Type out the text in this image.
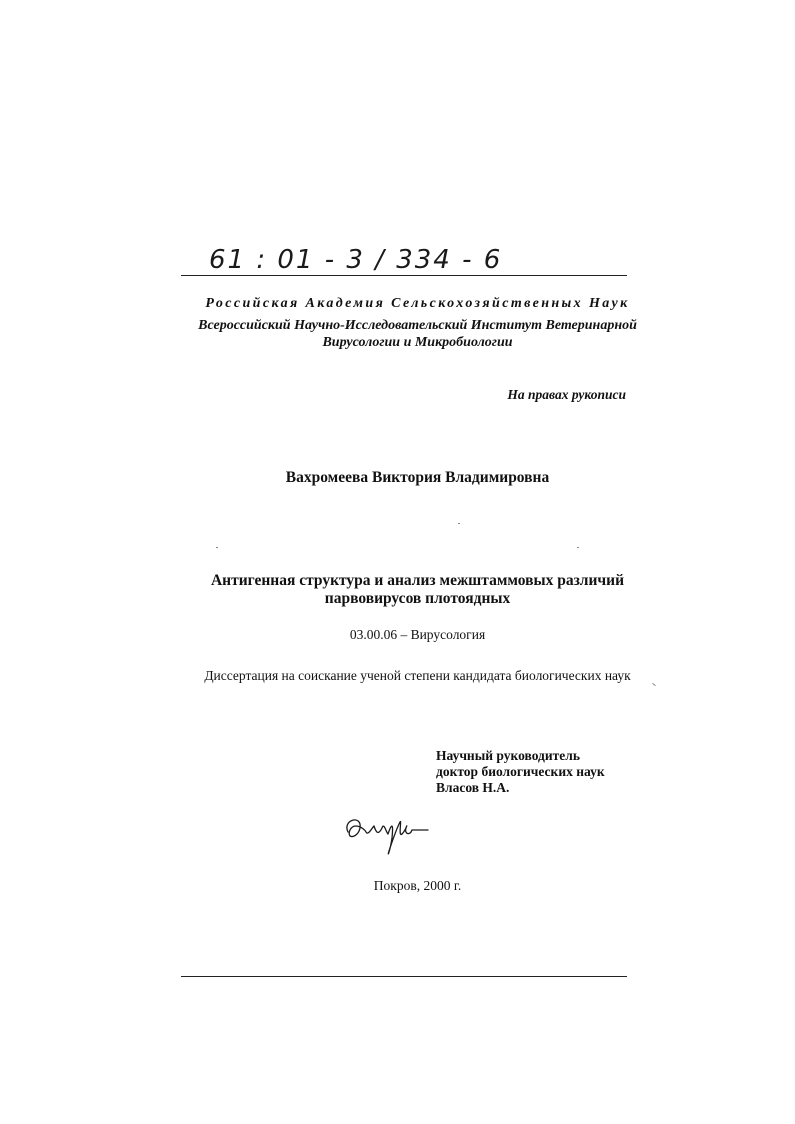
61 : 01 - 3 / 334 - 6
Российская Академия Сельскохозяйственных Наук
Всероссийский Научно-Исследовательский Институт Ветеринарной
Вирусологии и Микробиологии
На правах рукописи
Вахромеева Виктория Владимировна
Антигенная структура и анализ межштаммовых различий
парвовирусов плотоядных
03.00.06 – Вирусология
Диссертация на соискание ученой степени кандидата биологических наук
Научный руководитель
доктор биологических наук
Власов Н.А.
Покров, 2000 г.
